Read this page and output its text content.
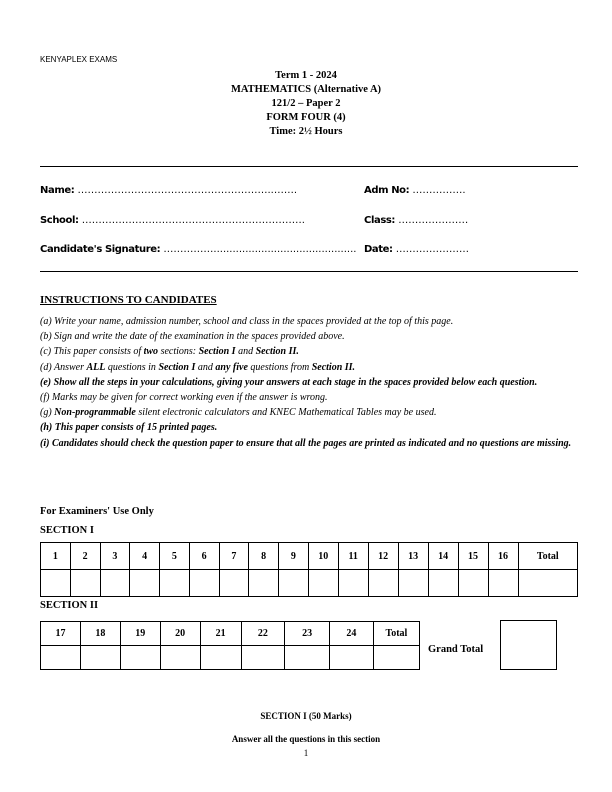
KENYAPLEX EXAMS
Term 1 - 2024
MATHEMATICS (Alternative A)
121/2 – Paper 2
FORM FOUR (4)
Time: 2½ Hours
Name: …………………………………………………..…….	Adm No: …………….
School: ………………………………………………………….	Class: …………………
Candidate's Signature: ……………............................................. Date: ….………………
INSTRUCTIONS TO CANDIDATES
(a) Write your name, admission number, school and class in the spaces provided at the top of this page.
(b) Sign and write the date of the examination in the spaces provided above.
(c) This paper consists of two sections: Section I and Section II.
(d) Answer ALL questions in Section I and any five questions from Section II.
(e) Show all the steps in your calculations, giving your answers at each stage in the spaces provided below each question.
(f) Marks may be given for correct working even if the answer is wrong.
(g) Non-programmable silent electronic calculators and KNEC Mathematical Tables may be used.
(h) This paper consists of 15 printed pages.
(i) Candidates should check the question paper to ensure that all the pages are printed as indicated and no questions are missing.
For Examiners' Use Only
SECTION I
1	2	3	4	5	6	7	8	9	10	11	12	13	14	15	16	Total

SECTION II
17	18	19	20	21	22	23	24	Total

Grand Total
SECTION I (50 Marks)
Answer all the questions in this section
1
